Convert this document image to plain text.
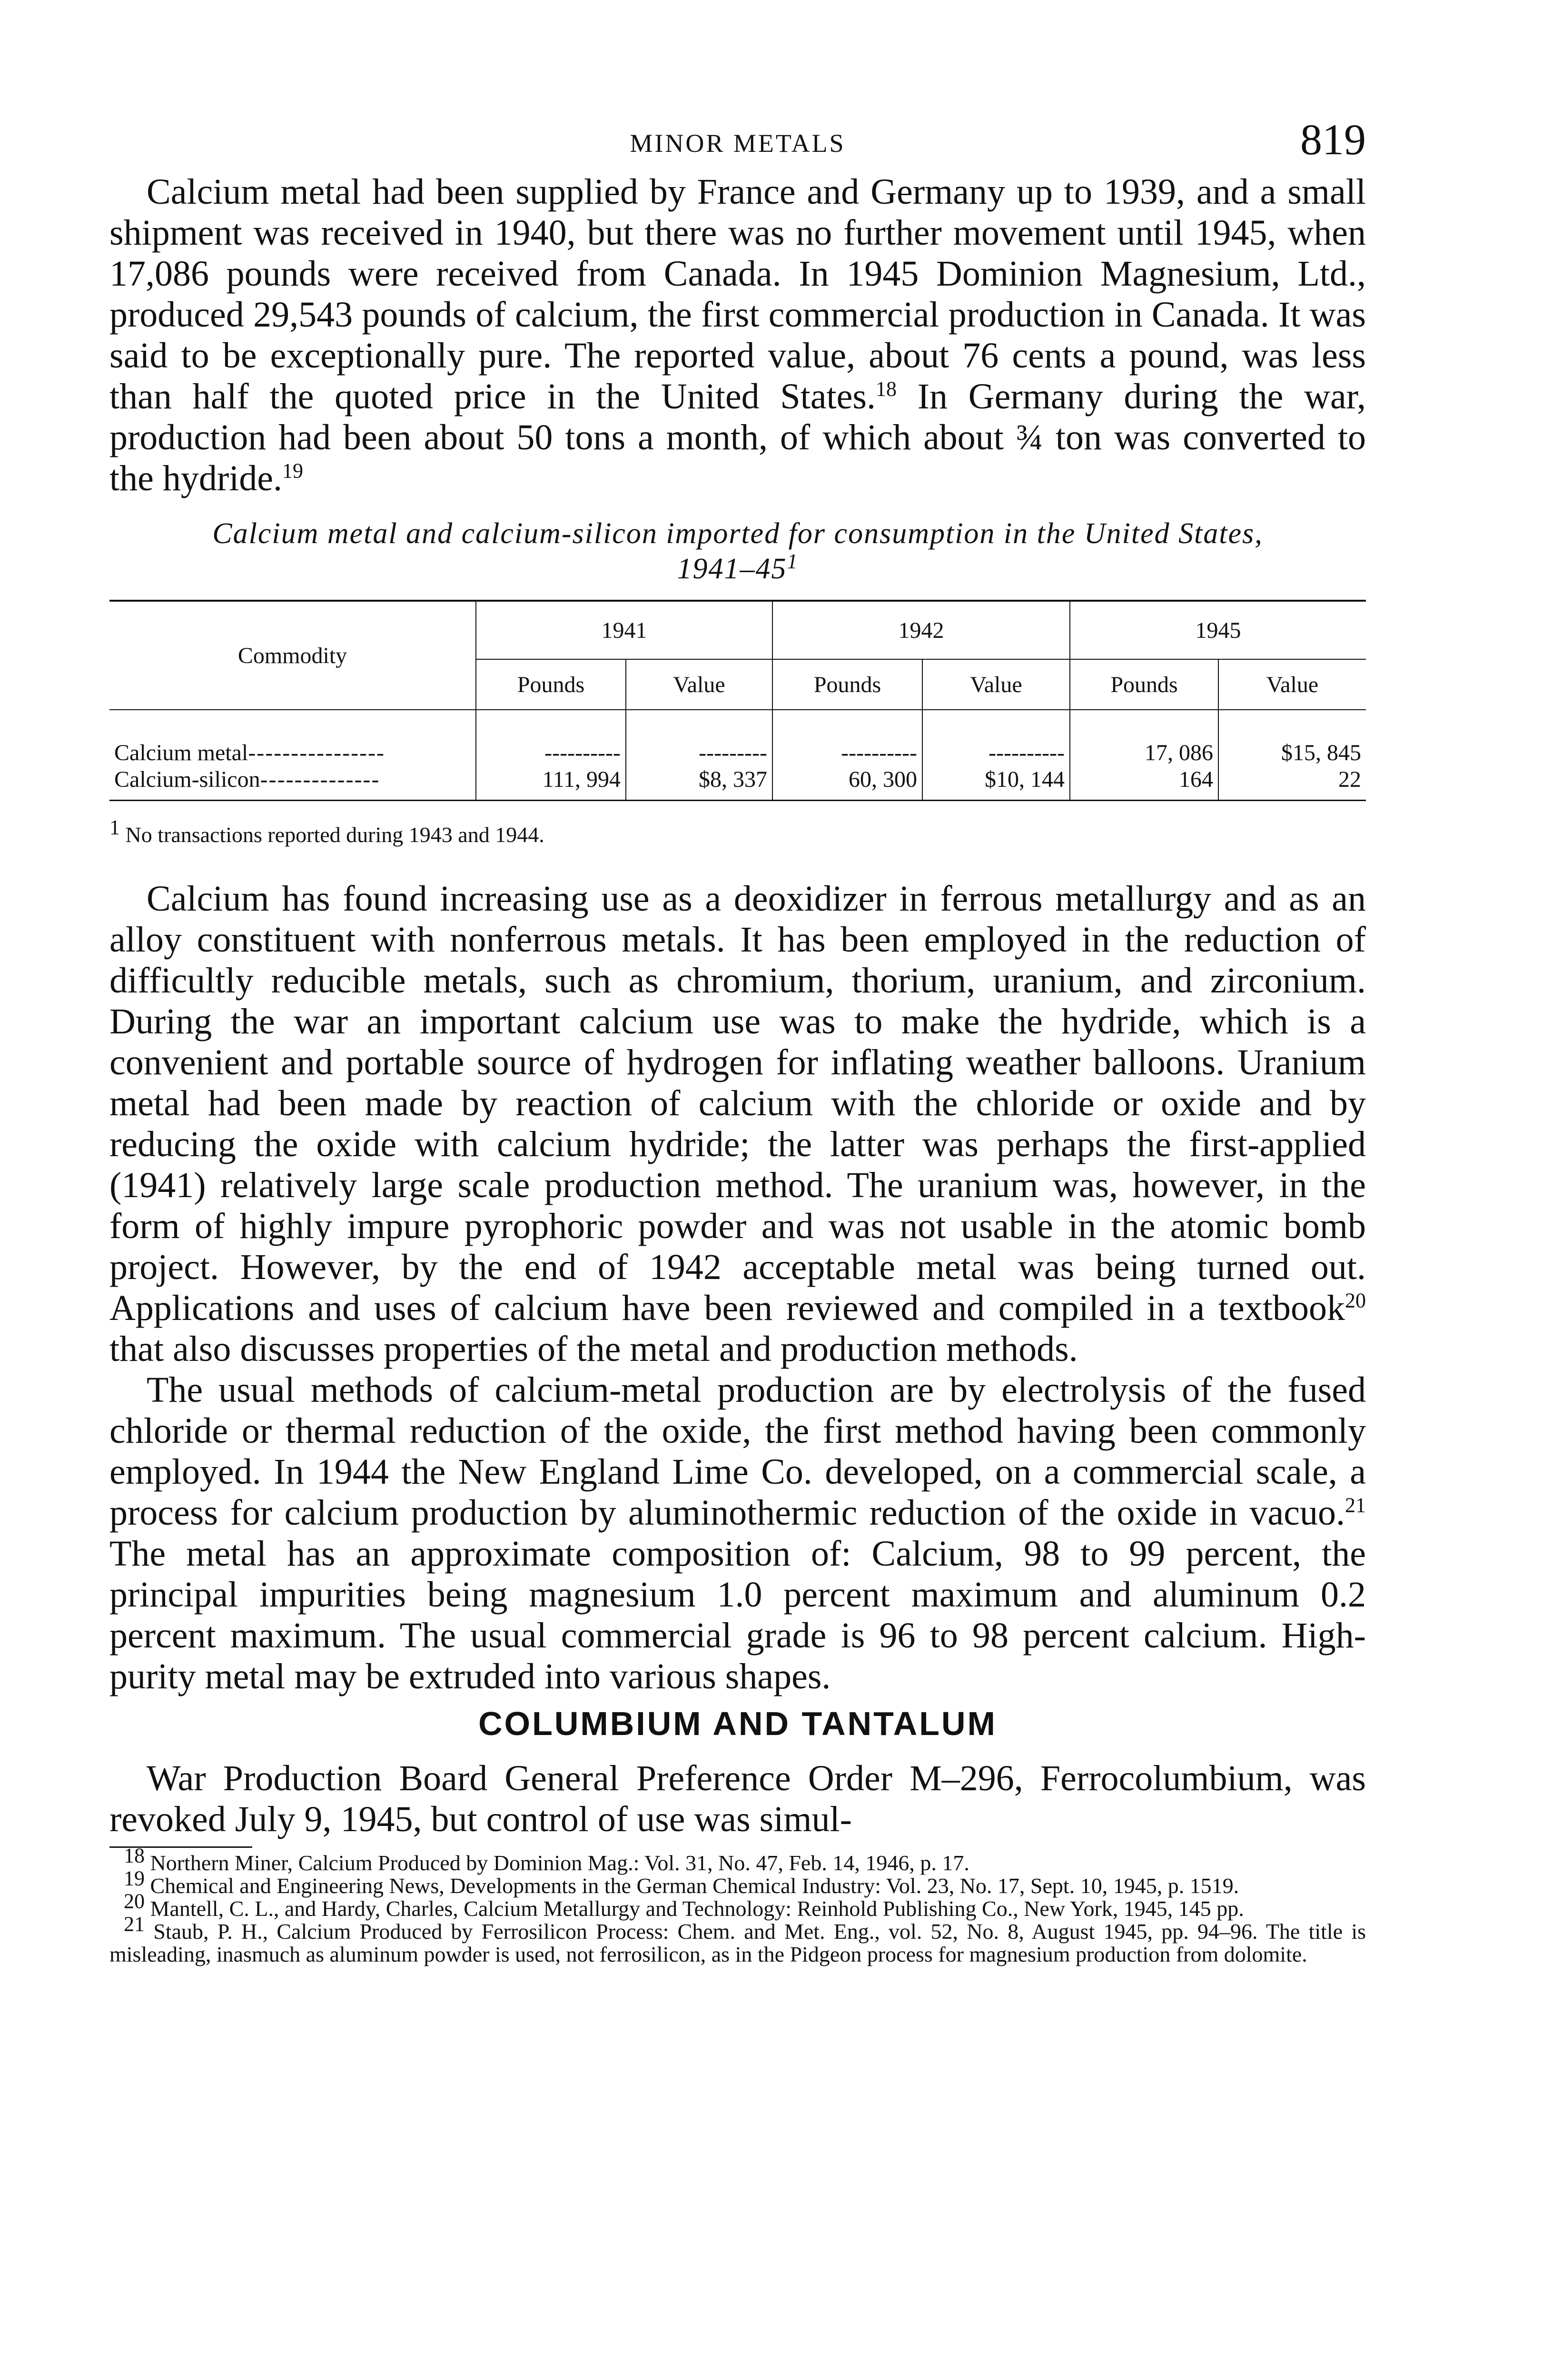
MINOR METALS	819

Calcium metal had been supplied by France and Germany up to 1939, and a small shipment was received in 1940, but there was no further movement until 1945, when 17,086 pounds were received from Canada. In 1945 Dominion Magnesium, Ltd., produced 29,543 pounds of calcium, the first commercial production in Canada. It was said to be exceptionally pure. The reported value, about 76 cents a pound, was less than half the quoted price in the United States.$^{18}$ In Germany during the war, production had been about 50 tons a month, of which about ¾ ton was converted to the hydride.$^{19}$

Calcium metal and calcium-silicon imported for consumption in the United States,
$1941-45^1$
Commodity	1941		1942		1945	
	Pounds	Value	Pounds	Value	Pounds	Value
Calcium metal----------------	----------	---------	----------	----------	17, 086	$15, 845
Calcium-silicon--------------	111, 994	$8, 337	60, 300	$10, 144	164	22
$^1$ No transactions reported during 1943 and 1944.

Calcium has found increasing use as a deoxidizer in ferrous metallurgy and as an alloy constituent with nonferrous metals. It has been employed in the reduction of difficultly reducible metals, such as chromium, thorium, uranium, and zirconium. During the war an important calcium use was to make the hydride, which is a convenient and portable source of hydrogen for inflating weather balloons. Uranium metal had been made by reaction of calcium with the chloride or oxide and by reducing the oxide with calcium hydride; the latter was perhaps the first-applied (1941) relatively large scale production method. The uranium was, however, in the form of highly impure pyrophoric powder and was not usable in the atomic bomb project. However, by the end of 1942 acceptable metal was being turned out. Applications and uses of calcium have been reviewed and compiled in a textbook$^{20}$ that also discusses properties of the metal and production methods.

The usual methods of calcium-metal production are by electrolysis of the fused chloride or thermal reduction of the oxide, the first method having been commonly employed. In 1944 the New England Lime Co. developed, on a commercial scale, a process for calcium production by aluminothermic reduction of the oxide in vacuo.$^{21}$ The metal has an approximate composition of: Calcium, 98 to 99 percent, the principal impurities being magnesium 1.0 percent maximum and aluminum 0.2 percent maximum. The usual commercial grade is 96 to 98 percent calcium. High-purity metal may be extruded into various shapes.

COLUMBIUM AND TANTALUM

War Production Board General Preference Order M–296, Ferrocolumbium, was revoked July 9, 1945, but control of use was simul-

$^{18}$ Northern Miner, Calcium Produced by Dominion Mag.: Vol. 31, No. 47, Feb. 14, 1946, p. 17.

$^{19}$ Chemical and Engineering News, Developments in the German Chemical Industry: Vol. 23, No. 17, Sept. 10, 1945, p. 1519.

$^{20}$ Mantell, C. L., and Hardy, Charles, Calcium Metallurgy and Technology: Reinhold Publishing Co., New York, 1945, 145 pp.

$^{21}$ Staub, P. H., Calcium Produced by Ferrosilicon Process: Chem. and Met. Eng., vol. 52, No. 8, August 1945, pp. 94–96. The title is misleading, inasmuch as aluminum powder is used, not ferrosilicon, as in the Pidgeon process for magnesium production from dolomite.
